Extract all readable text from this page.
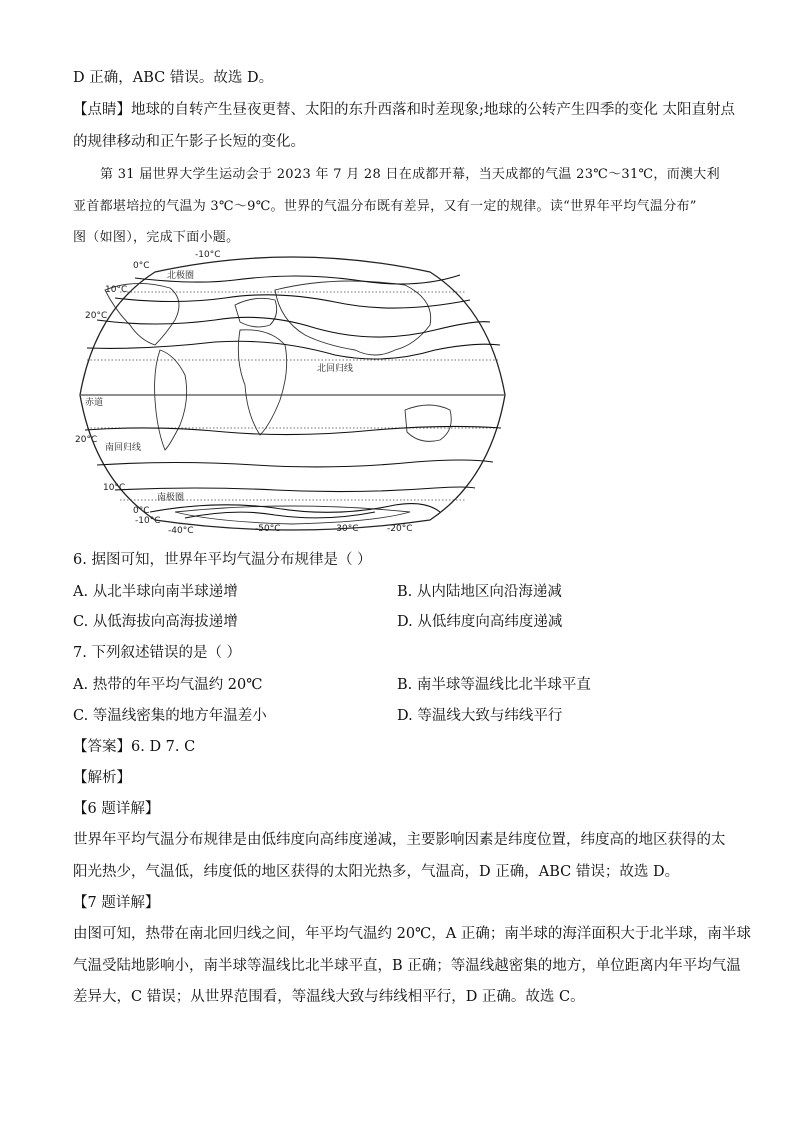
D 正确，ABC 错误。故选 D。
【点睛】地球的自转产生昼夜更替、太阳的东升西落和时差现象;地球的公转产生四季的变化 太阳直射点
的规律移动和正午影子长短的变化。
第 31 届世界大学生运动会于 2023 年 7 月 28 日在成都开幕，当天成都的气温 23℃～31℃，而澳大利
亚首都堪培拉的气温为 3℃～9℃。世界的气温分布既有差异，又有一定的规律。读“世界年平均气温分布”
图（如图），完成下面小题。
-10°C
0°C
10°C
20°C
北极圈
北回归线
赤道
20°C
南回归线
10°C
南极圈
0°C
-10°C
-40°C	-50°C	-30°C	-20°C
6. 据图可知，世界年平均气温分布规律是（ ）
A. 从北半球向南半球递增	B. 从内陆地区向沿海递减
C. 从低海拔向高海拔递增	D. 从低纬度向高纬度递减
7. 下列叙述错误的是（ ）
A. 热带的年平均气温约 20℃	B. 南半球等温线比北半球平直
C. 等温线密集的地方年温差小	D. 等温线大致与纬线平行
【答案】6. D 7. C
【解析】
【6 题详解】
世界年平均气温分布规律是由低纬度向高纬度递减，主要影响因素是纬度位置，纬度高的地区获得的太
阳光热少，气温低，纬度低的地区获得的太阳光热多，气温高，D 正确，ABC 错误；故选 D。
【7 题详解】
由图可知，热带在南北回归线之间，年平均气温约 20℃，A 正确；南半球的海洋面积大于北半球，南半球
气温受陆地影响小，南半球等温线比北半球平直，B 正确；等温线越密集的地方，单位距离内年平均气温
差异大，C 错误；从世界范围看，等温线大致与纬线相平行，D 正确。故选 C。
